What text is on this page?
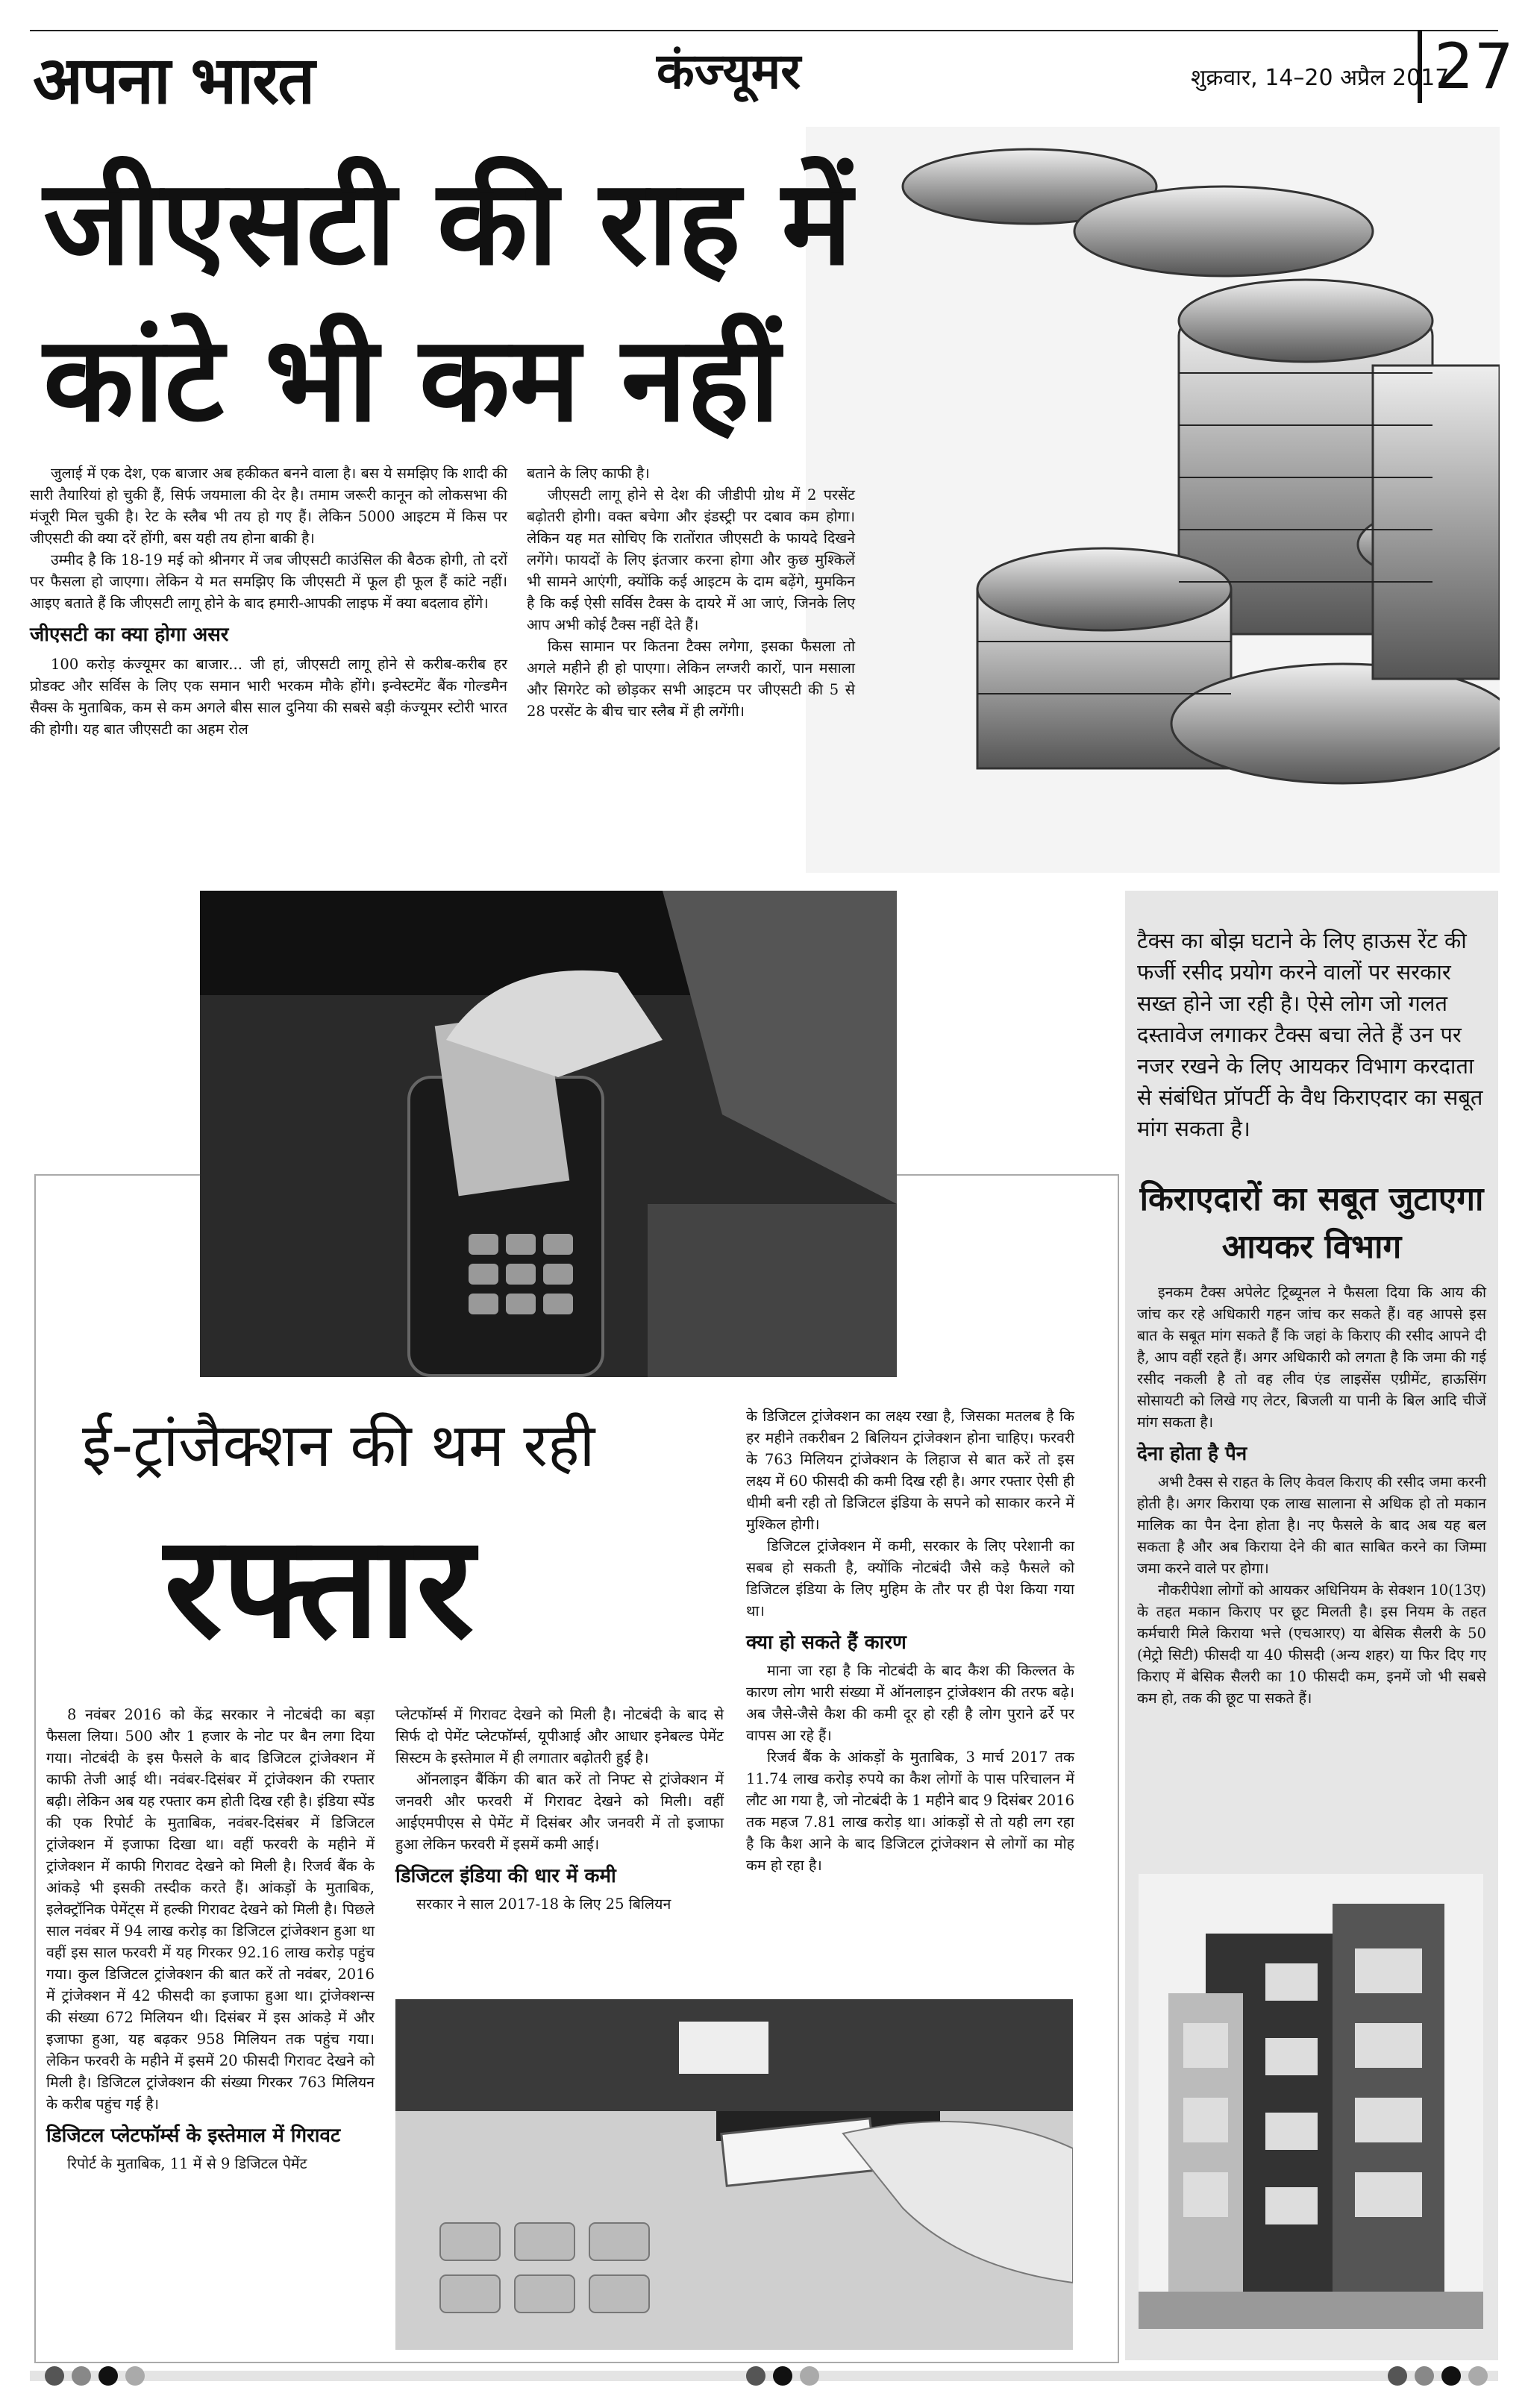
अपना भारत	कंज्यूमर	शुक्रवार, 14–20 अप्रैल 2017
27
जीएसटी की राह में
कांटे भी कम नहीं

जुलाई में एक देश, एक बाजार अब हकीकत बनने वाला है। बस ये समझिए कि शादी की सारी तैयारियां हो चुकी हैं, सिर्फ जयमाला की देर है। तमाम जरूरी कानून को लोकसभा की मंजूरी मिल चुकी है। रेट के स्लैब भी तय हो गए हैं। लेकिन 5000 आइटम में किस पर जीएसटी की क्या दरें होंगी, बस यही तय होना बाकी है।

उम्मीद है कि 18-19 मई को श्रीनगर में जब जीएसटी काउंसिल की बैठक होगी, तो दरों पर फैसला हो जाएगा। लेकिन ये मत समझिए कि जीएसटी में फूल ही फूल हैं कांटे नहीं। आइए बताते हैं कि जीएसटी लागू होने के बाद हमारी-आपकी लाइफ में क्या बदलाव होंगे।

जीएसटी का क्या होगा असर

100 करोड़ कंज्यूमर का बाजार... जी हां, जीएसटी लागू होने से करीब-करीब हर प्रोडक्ट और सर्विस के लिए एक समान भारी भरकम मौके होंगे। इन्वेस्टमेंट बैंक गोल्डमैन सैक्स के मुताबिक, कम से कम अगले बीस साल दुनिया की सबसे बड़ी कंज्यूमर स्टोरी भारत की होगी। यह बात जीएसटी का अहम रोल

बताने के लिए काफी है।

जीएसटी लागू होने से देश की जीडीपी ग्रोथ में 2 परसेंट बढ़ोतरी होगी। वक्त बचेगा और इंडस्ट्री पर दबाव कम होगा। लेकिन यह मत सोचिए कि रातोंरात जीएसटी के फायदे दिखने लगेंगे। फायदों के लिए इंतजार करना होगा और कुछ मुश्किलें भी सामने आएंगी, क्योंकि कई आइटम के दाम बढ़ेंगे, मुमकिन है कि कई ऐसी सर्विस टैक्स के दायरे में आ जाएं, जिनके लिए आप अभी कोई टैक्स नहीं देते हैं।

किस सामान पर कितना टैक्स लगेगा, इसका फैसला तो अगले महीने ही हो पाएगा। लेकिन लग्जरी कारों, पान मसाला और सिगरेट को छोड़कर सभी आइटम पर जीएसटी की 5 से 28 परसेंट के बीच चार स्लैब में ही लगेंगी।

ई-ट्रांजैक्शन की थम रही
रफ्तार

8 नवंबर 2016 को केंद्र सरकार ने नोटबंदी का बड़ा फैसला लिया। 500 और 1 हजार के नोट पर बैन लगा दिया गया। नोटबंदी के इस फैसले के बाद डिजिटल ट्रांजेक्शन में काफी तेजी आई थी। नवंबर-दिसंबर में ट्रांजेक्शन की रफ्तार बढ़ी। लेकिन अब यह रफ्तार कम होती दिख रही है। इंडिया स्पेंड की एक रिपोर्ट के मुताबिक, नवंबर-दिसंबर में डिजिटल ट्रांजेक्शन में इजाफा दिखा था। वहीं फरवरी के महीने में ट्रांजेक्शन में काफी गिरावट देखने को मिली है। रिजर्व बैंक के आंकड़े भी इसकी तस्दीक करते हैं। आंकड़ों के मुताबिक, इलेक्ट्रॉनिक पेमेंट्स में हल्की गिरावट देखने को मिली है। पिछले साल नवंबर में 94 लाख करोड़ का डिजिटल ट्रांजेक्शन हुआ था वहीं इस साल फरवरी में यह गिरकर 92.16 लाख करोड़ पहुंच गया। कुल डिजिटल ट्रांजेक्शन की बात करें तो नवंबर, 2016 में ट्रांजेक्शन में 42 फीसदी का इजाफा हुआ था। ट्रांजेक्शन्स की संख्या 672 मिलियन थी। दिसंबर में इस आंकड़े में और इजाफा हुआ, यह बढ़कर 958 मिलियन तक पहुंच गया। लेकिन फरवरी के महीने में इसमें 20 फीसदी गिरावट देखने को मिली है। डिजिटल ट्रांजेक्शन की संख्या गिरकर 763 मिलियन के करीब पहुंच गई है।

डिजिटल प्लेटफॉर्म्स के इस्तेमाल में गिरावट

रिपोर्ट के मुताबिक, 11 में से 9 डिजिटल पेमेंट

प्लेटफॉर्म्स में गिरावट देखने को मिली है। नोटबंदी के बाद से सिर्फ दो पेमेंट प्लेटफॉर्म्स, यूपीआई और आधार इनेबल्ड पेमेंट सिस्टम के इस्तेमाल में ही लगातार बढ़ोतरी हुई है।

ऑनलाइन बैंकिंग की बात करें तो निफ्ट से ट्रांजेक्शन में जनवरी और फरवरी में गिरावट देखने को मिली। वहीं आईएमपीएस से पेमेंट में दिसंबर और जनवरी में तो इजाफा हुआ लेकिन फरवरी में इसमें कमी आई।

डिजिटल इंडिया की धार में कमी

सरकार ने साल 2017-18 के लिए 25 बिलियन

के डिजिटल ट्रांजेक्शन का लक्ष्य रखा है, जिसका मतलब है कि हर महीने तकरीबन 2 बिलियन ट्रांजेक्शन होना चाहिए। फरवरी के 763 मिलियन ट्रांजेक्शन के लिहाज से बात करें तो इस लक्ष्य में 60 फीसदी की कमी दिख रही है। अगर रफ्तार ऐसी ही धीमी बनी रही तो डिजिटल इंडिया के सपने को साकार करने में मुश्किल होगी।

डिजिटल ट्रांजेक्शन में कमी, सरकार के लिए परेशानी का सबब हो सकती है, क्योंकि नोटबंदी जैसे कड़े फैसले को डिजिटल इंडिया के लिए मुहिम के तौर पर ही पेश किया गया था।

क्या हो सकते हैं कारण

माना जा रहा है कि नोटबंदी के बाद कैश की किल्लत के कारण लोग भारी संख्या में ऑनलाइन ट्रांजेक्शन की तरफ बढ़े। अब जैसे-जैसे कैश की कमी दूर हो रही है लोग पुराने ढर्रे पर वापस आ रहे हैं।

रिजर्व बैंक के आंकड़ों के मुताबिक, 3 मार्च 2017 तक 11.74 लाख करोड़ रुपये का कैश लोगों के पास परिचालन में लौट आ गया है, जो नोटबंदी के 1 महीने बाद 9 दिसंबर 2016 तक महज 7.81 लाख करोड़ था। आंकड़ों से तो यही लग रहा है कि कैश आने के बाद डिजिटल ट्रांजेक्शन से लोगों का मोह कम हो रहा है।

टैक्स का बोझ घटाने के लिए हाऊस रेंट की फर्जी रसीद प्रयोग करने वालों पर सरकार सख्त होने जा रही है। ऐसे लोग जो गलत दस्तावेज लगाकर टैक्स बचा लेते हैं उन पर नजर रखने के लिए आयकर विभाग करदाता से संबंधित प्रॉपर्टी के वैध किराएदार का सबूत मांग सकता है।
किराएदारों का सबूत जुटाएगा आयकर विभाग

इनकम टैक्स अपेलेट ट्रिब्यूनल ने फैसला दिया कि आय की जांच कर रहे अधिकारी गहन जांच कर सकते हैं। वह आपसे इस बात के सबूत मांग सकते हैं कि जहां के किराए की रसीद आपने दी है, आप वहीं रहते हैं। अगर अधिकारी को लगता है कि जमा की गई रसीद नकली है तो वह लीव एंड लाइसेंस एग्रीमेंट, हाऊसिंग सोसायटी को लिखे गए लेटर, बिजली या पानी के बिल आदि चीजें मांग सकता है।

देना होता है पैन

अभी टैक्स से राहत के लिए केवल किराए की रसीद जमा करनी होती है। अगर किराया एक लाख सालाना से अधिक हो तो मकान मालिक का पैन देना होता है। नए फैसले के बाद अब यह बल सकता है और अब किराया देने की बात साबित करने का जिम्मा जमा करने वाले पर होगा।

नौकरीपेशा लोगों को आयकर अधिनियम के सेक्शन 10(13ए) के तहत मकान किराए पर छूट मिलती है। इस नियम के तहत कर्मचारी मिले किराया भत्ते (एचआरए) या बेसिक सैलरी के 50 (मेट्रो सिटी) फीसदी या 40 फीसदी (अन्य शहर) या फिर दिए गए किराए में बेसिक सैलरी का 10 फीसदी कम, इनमें जो भी सबसे कम हो, तक की छूट पा सकते हैं।
